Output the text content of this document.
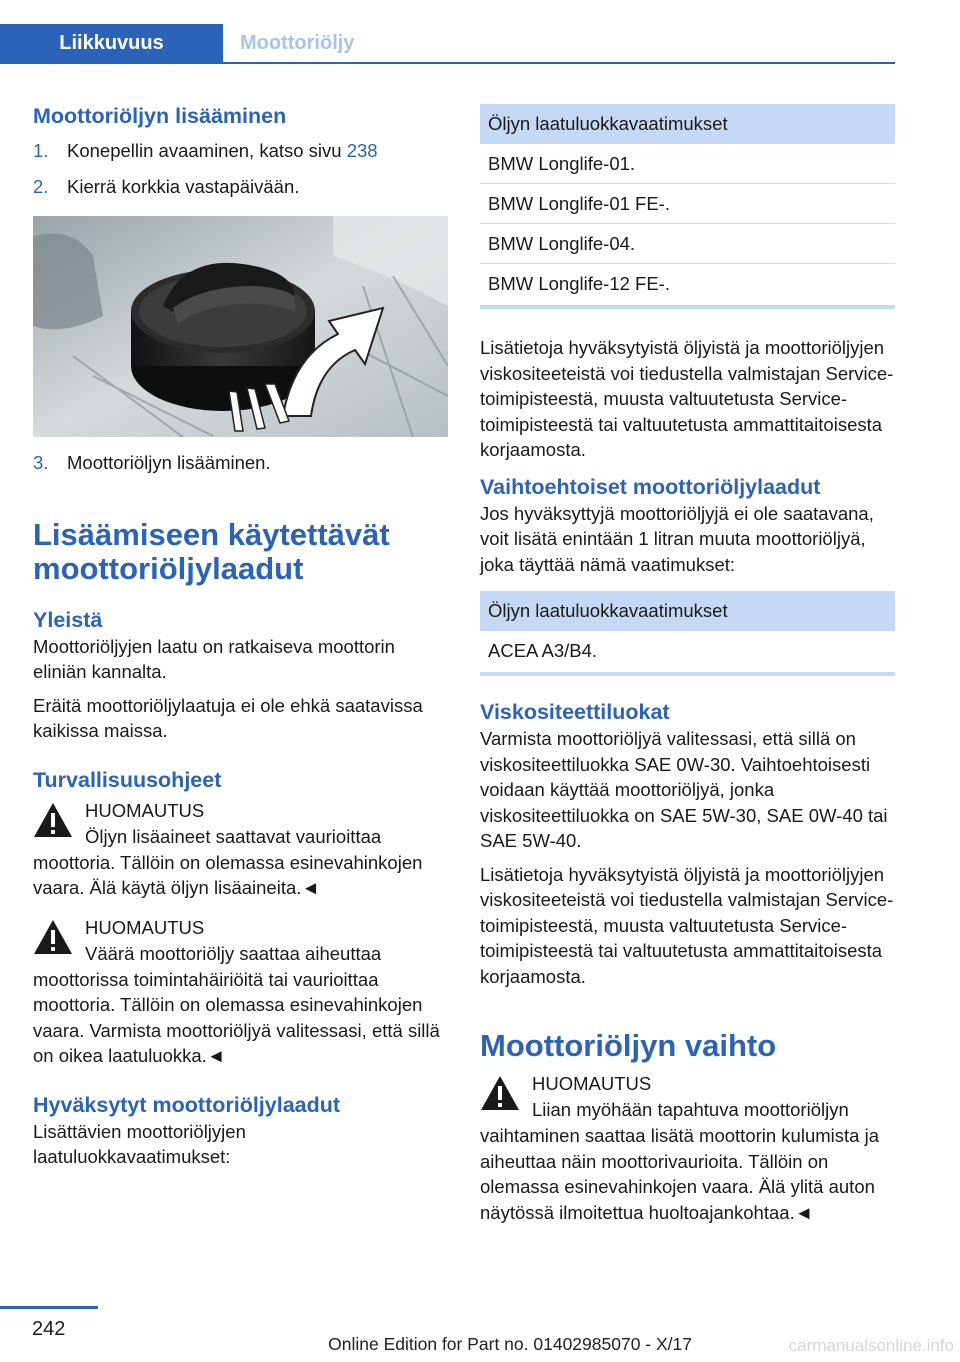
Liikkuvuus	Moottoriöljy
Moottoriöljyn lisääminen
1. Konepellin avaaminen, katso sivu 238
2. Kierrä korkkia vastapäivään.
3. Moottoriöljyn lisääminen.
Lisäämiseen käytettävät moottoriöljylaadut
Yleistä

Moottoriöljyjen laatu on ratkaiseva moottorin eliniän kannalta.

Eräitä moottoriöljylaatuja ei ole ehkä saatavissa kaikissa maissa.

Turvallisuusohjeet
HUOMAUTUS
Öljyn lisäaineet saattavat vaurioittaa

moottoria. Tällöin on olemassa esinevahinkojen vaara. Älä käytä öljyn lisäaineita.◄

HUOMAUTUS
Väärä moottoriöljy saattaa aiheuttaa

moottorissa toimintahäiriöitä tai vaurioittaa moottoria. Tällöin on olemassa esinevahinkojen vaara. Varmista moottoriöljyä valitessasi, että sillä on oikea laatuluokka.◄

Hyväksytyt moottoriöljylaadut

Lisättävien moottoriöljyjen laatuluokkavaatimukset:

Öljyn laatuluokkavaatimukset
BMW Longlife-01.
BMW Longlife-01 FE-.
BMW Longlife-04.
BMW Longlife-12 FE-.

Lisätietoja hyväksytyistä öljyistä ja moottoriöljyjen viskositeeteistä voi tiedustella valmistajan Service-toimipisteestä, muusta valtuutetusta Service-toimipisteestä tai valtuutetusta ammattitaitoisesta korjaamosta.

Vaihtoehtoiset moottoriöljylaadut

Jos hyväksyttyjä moottoriöljyjä ei ole saatavana, voit lisätä enintään 1 litran muuta moottoriöljyä, joka täyttää nämä vaatimukset:

Öljyn laatuluokkavaatimukset
ACEA A3/B4.
Viskositeettiluokat

Varmista moottoriöljyä valitessasi, että sillä on viskositeettiluokka SAE 0W-30. Vaihtoehtoisesti voidaan käyttää moottoriöljyä, jonka viskositeettiluokka on SAE 5W-30, SAE 0W-40 tai SAE 5W-40.

Lisätietoja hyväksytyistä öljyistä ja moottoriöljyjen viskositeeteistä voi tiedustella valmistajan Service-toimipisteestä, muusta valtuutetusta Service-toimipisteestä tai valtuutetusta ammattitaitoisesta korjaamosta.

Moottoriöljyn vaihto
HUOMAUTUS
Liian myöhään tapahtuva moottoriöljyn

vaihtaminen saattaa lisätä moottorin kulumista ja aiheuttaa näin moottorivaurioita. Tällöin on olemassa esinevahinkojen vaara. Älä ylitä auton näytössä ilmoitettua huoltoajankohtaa.◄

242
Online Edition for Part no. 01402985070 - X/17	carmanualsonline.info
